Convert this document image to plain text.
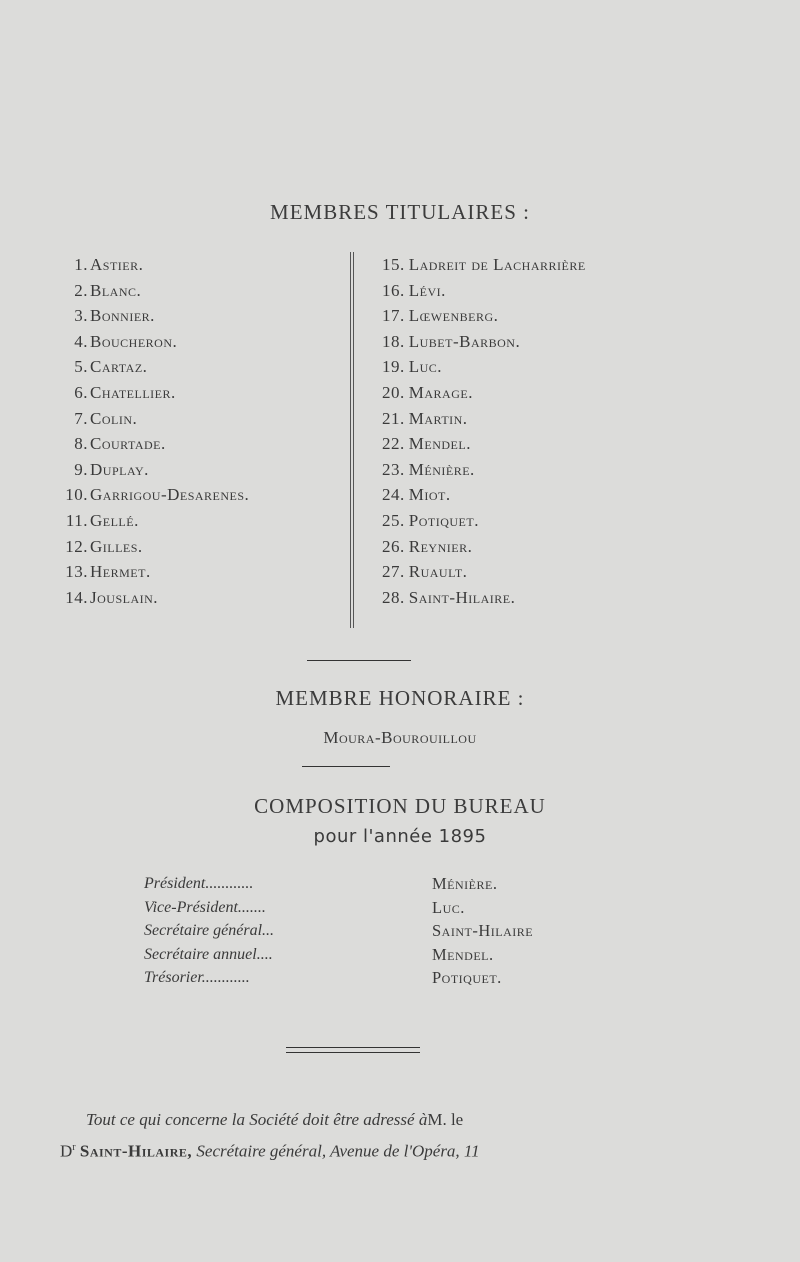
MEMBRES TITULAIRES :
1. Astier.
2. Blanc.
3. Bonnier.
4. Boucheron.
5. Cartaz.
6. Chatellier.
7. Colin.
8. Courtade.
9. Duplay.
10. Garrigou-Desarenes.
11. Gellé.
12. Gilles.
13. Hermet.
14. Jouslain.
15. Ladreit de Lacharrière
16. Lévi.
17. Lœwenberg.
18. Lubet-Barbon.
19. Luc.
20. Marage.
21. Martin.
22. Mendel.
23. Ménière.
24. Miot.
25. Potiquet.
26. Reynier.
27. Ruault.
28. Saint-Hilaire.
MEMBRE HONORAIRE :
Moura-Bourouillou
COMPOSITION DU BUREAU
pour l'année 1895
Président............	Ménière.
Vice-Président.......	Luc.
Secrétaire général...	Saint-Hilaire
Secrétaire annuel....	Mendel.
Trésorier............	Potiquet.
Tout ce qui concerne la Société doit être adressé àM. le
$D^r$ Saint-Hilaire, Secrétaire général, Avenue de l'Opéra, 11
